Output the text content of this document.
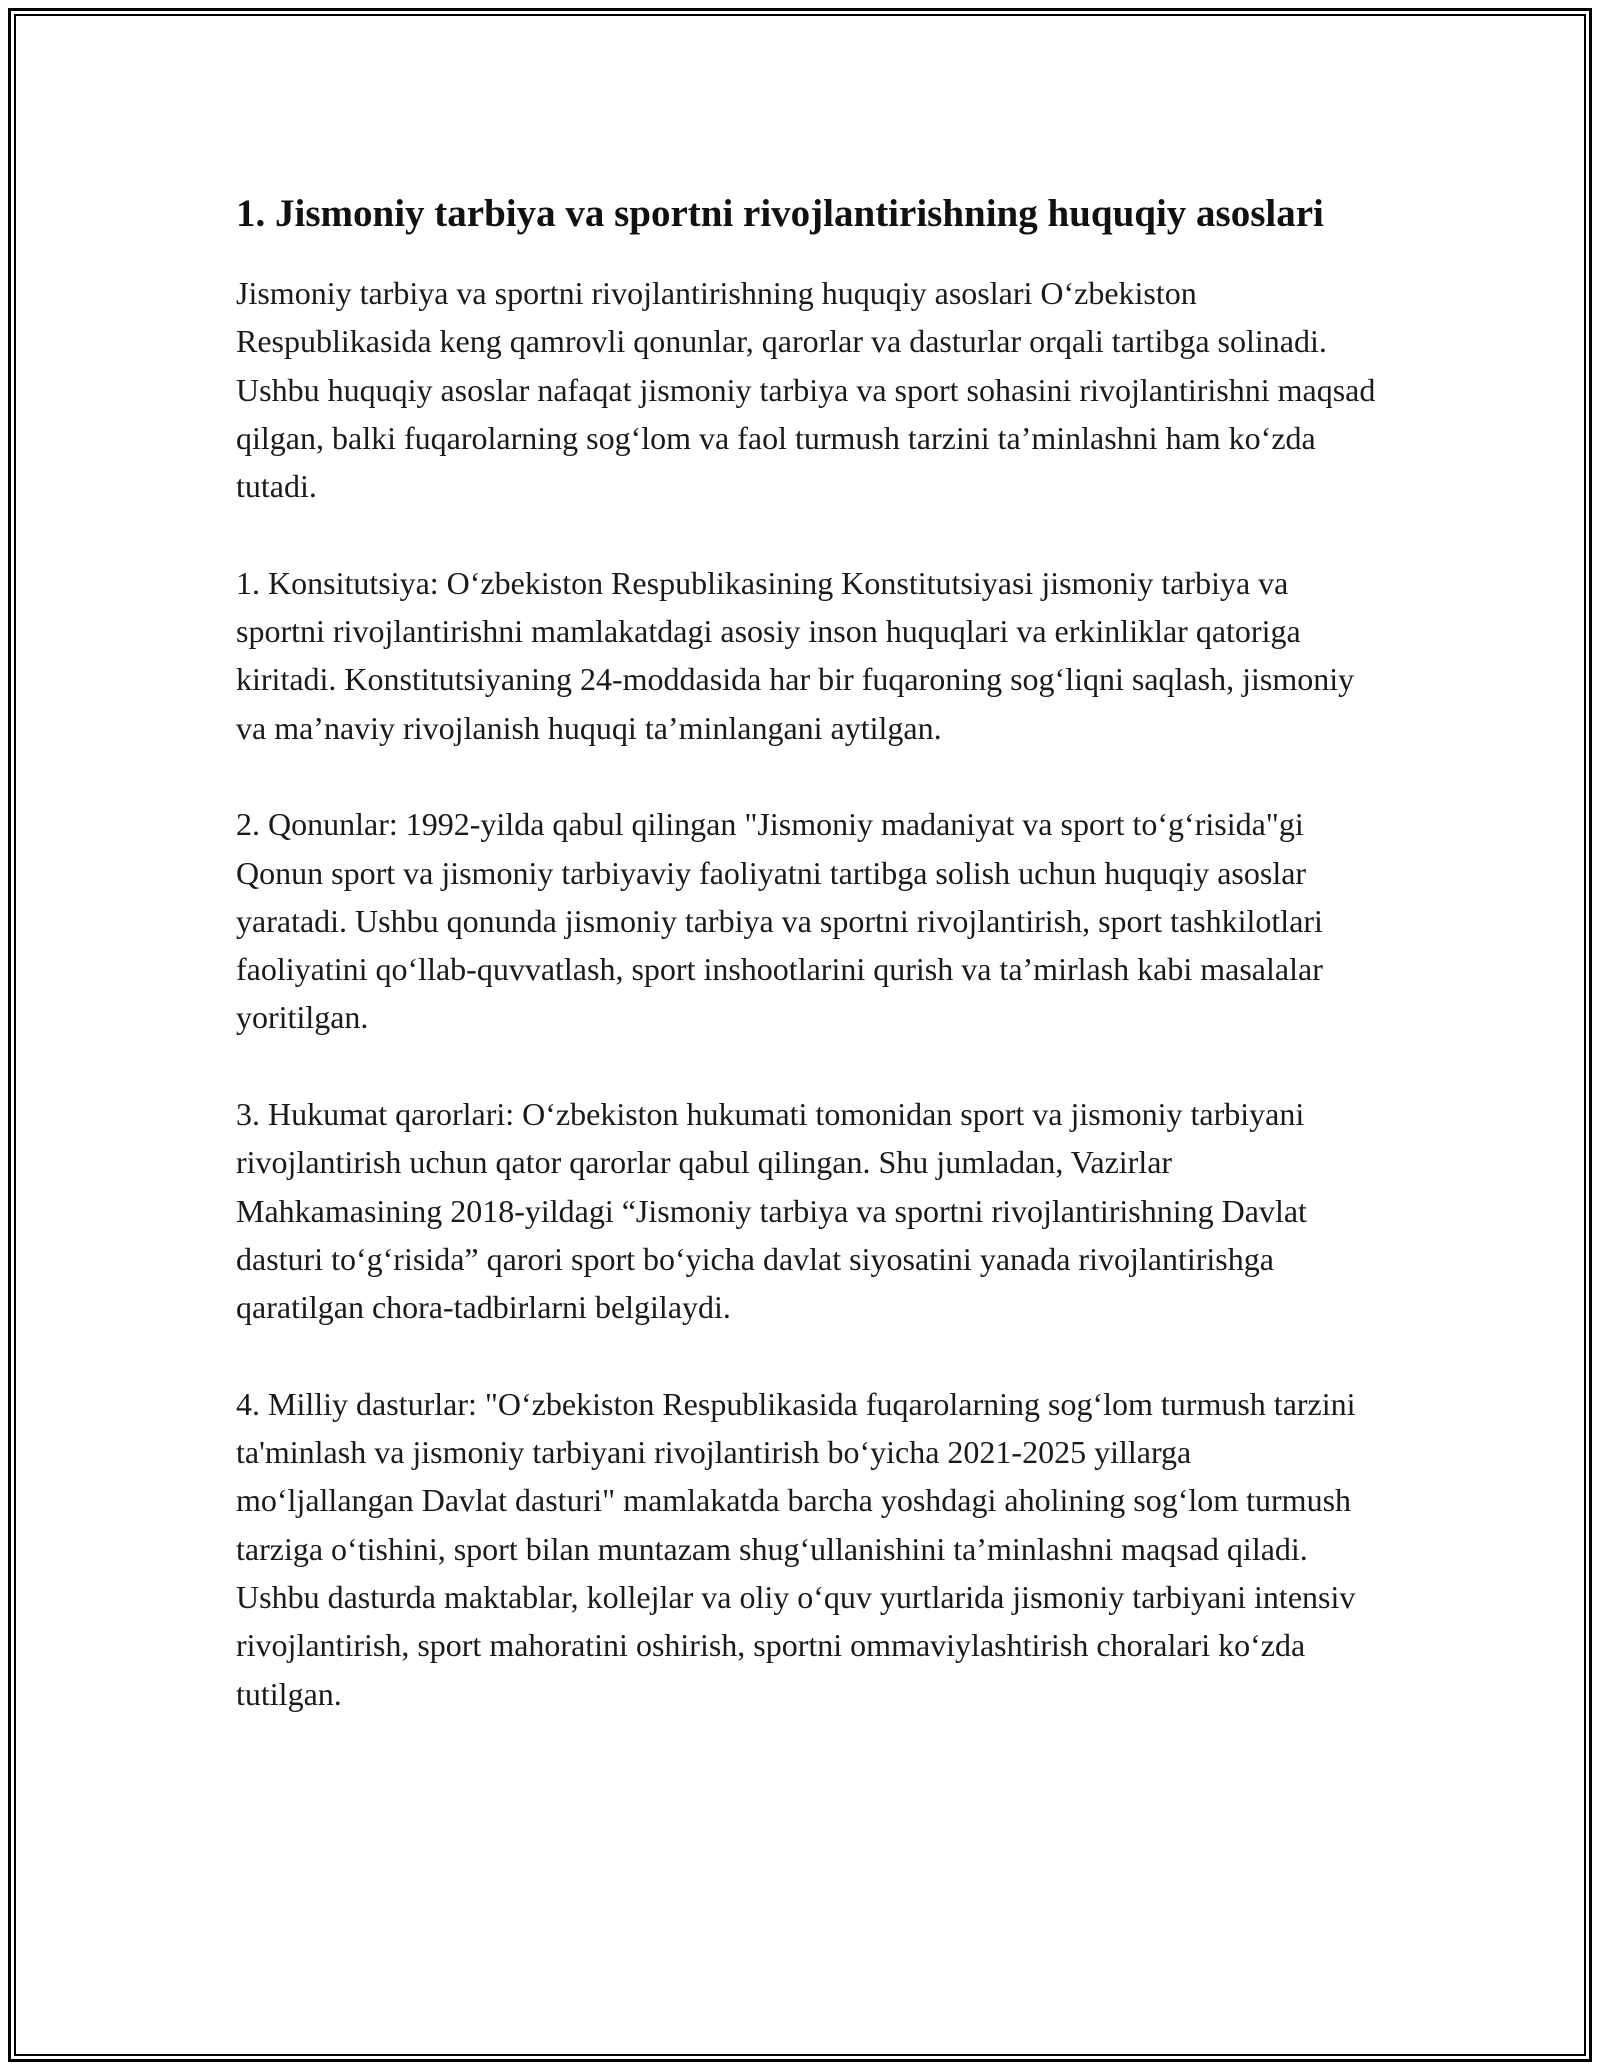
1. Jismoniy tarbiya va sportni rivojlantirishning huquqiy asoslari

Jismoniy tarbiya va sportni rivojlantirishning huquqiy asoslari O‘zbekiston Respublikasida keng qamrovli qonunlar, qarorlar va dasturlar orqali tartibga solinadi. Ushbu huquqiy asoslar nafaqat jismoniy tarbiya va sport sohasini rivojlantirishni maqsad qilgan, balki fuqarolarning sog‘lom va faol turmush tarzini ta’minlashni ham ko‘zda tutadi.

1. Konsitutsiya: O‘zbekiston Respublikasining Konstitutsiyasi jismoniy tarbiya va sportni rivojlantirishni mamlakatdagi asosiy inson huquqlari va erkinliklar qatoriga kiritadi. Konstitutsiyaning 24-moddasida har bir fuqaroning sog‘liqni saqlash, jismoniy va ma’naviy rivojlanish huquqi ta’minlangani aytilgan.

2. Qonunlar: 1992-yilda qabul qilingan "Jismoniy madaniyat va sport to‘g‘risida"gi Qonun sport va jismoniy tarbiyaviy faoliyatni tartibga solish uchun huquqiy asoslar yaratadi. Ushbu qonunda jismoniy tarbiya va sportni rivojlantirish, sport tashkilotlari faoliyatini qo‘llab-quvvatlash, sport inshootlarini qurish va ta’mirlash kabi masalalar yoritilgan.

3. Hukumat qarorlari: O‘zbekiston hukumati tomonidan sport va jismoniy tarbiyani rivojlantirish uchun qator qarorlar qabul qilingan. Shu jumladan, Vazirlar Mahkamasining 2018-yildagi “Jismoniy tarbiya va sportni rivojlantirishning Davlat dasturi to‘g‘risida” qarori sport bo‘yicha davlat siyosatini yanada rivojlantirishga qaratilgan chora-tadbirlarni belgilaydi.

4. Milliy dasturlar: "O‘zbekiston Respublikasida fuqarolarning sog‘lom turmush tarzini ta'minlash va jismoniy tarbiyani rivojlantirish bo‘yicha 2021-2025 yillarga mo‘ljallangan Davlat dasturi" mamlakatda barcha yoshdagi aholining sog‘lom turmush tarziga o‘tishini, sport bilan muntazam shug‘ullanishini ta’minlashni maqsad qiladi. Ushbu dasturda maktablar, kollejlar va oliy o‘quv yurtlarida jismoniy tarbiyani intensiv rivojlantirish, sport mahoratini oshirish, sportni ommaviylashtirish choralari ko‘zda tutilgan.
